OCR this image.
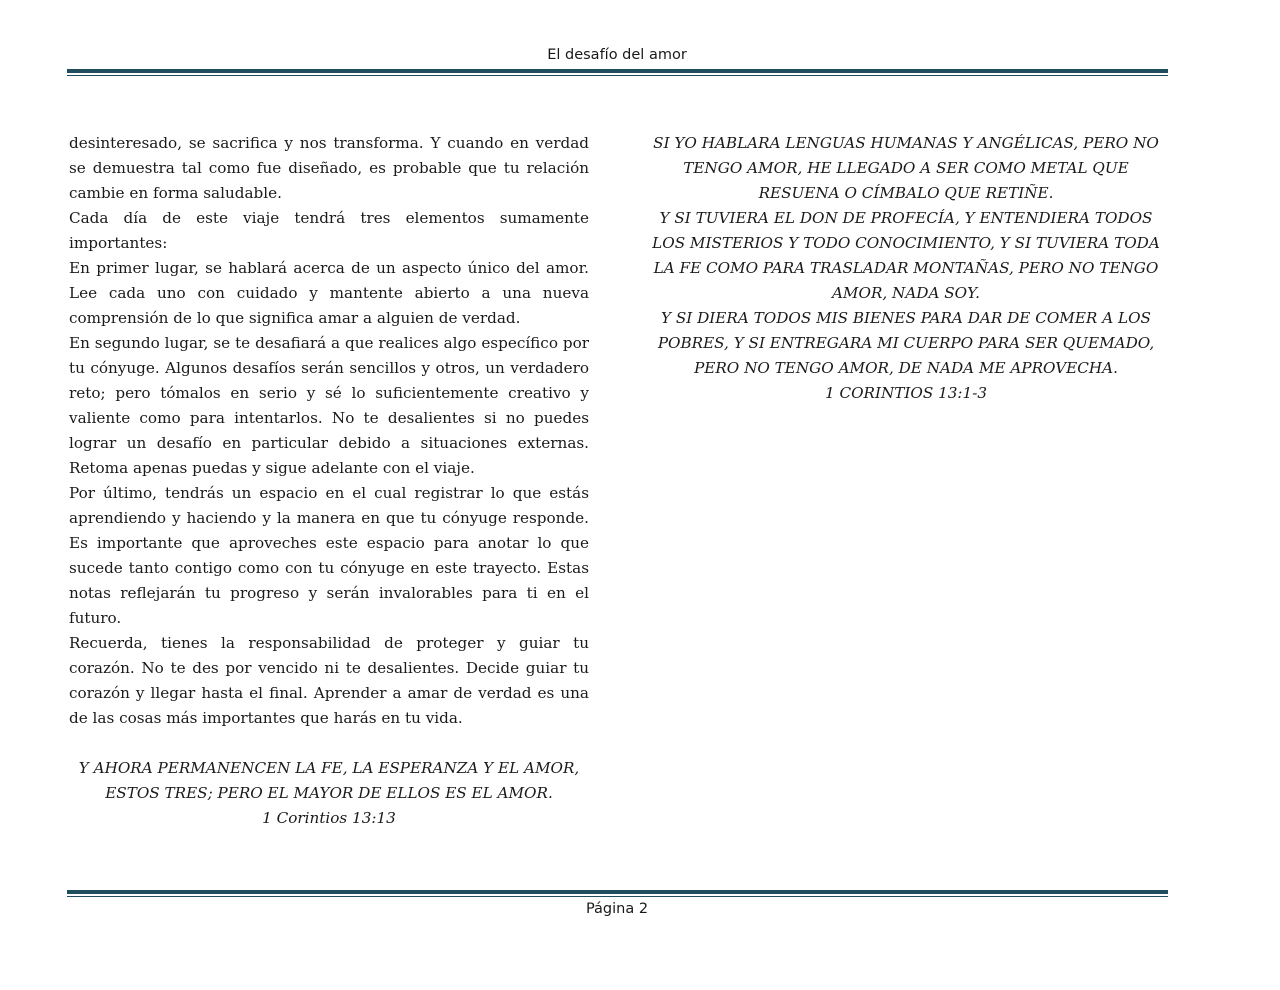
El desafío del amor

desinteresado, se sacrifica y nos transforma. Y cuando en verdad se demuestra tal como fue diseñado, es probable que tu relación cambie en forma saludable.

Cada día de este viaje tendrá tres elementos sumamente importantes:

En primer lugar, se hablará acerca de un aspecto único del amor. Lee cada uno con cuidado y mantente abierto a una nueva comprensión de lo que significa amar a alguien de verdad.

En segundo lugar, se te desafiará a que realices algo específico por tu cónyuge. Algunos desafíos serán sencillos y otros, un verdadero reto; pero tómalos en serio y sé lo suficientemente creativo y valiente como para intentarlos. No te desalientes si no puedes lograr un desafío en particular debido a situaciones externas. Retoma apenas puedas y sigue adelante con el viaje.

Por último, tendrás un espacio en el cual registrar lo que estás aprendiendo y haciendo y la manera en que tu cónyuge responde. Es importante que aproveches este espacio para anotar lo que sucede tanto contigo como con tu cónyuge en este trayecto. Estas notas reflejarán tu progreso y serán invalorables para ti en el futuro.

Recuerda, tienes la responsabilidad de proteger y guiar tu corazón. No te des por vencido ni te desalientes. Decide guiar tu corazón y llegar hasta el final. Aprender a amar de verdad es una de las cosas más importantes que harás en tu vida.

Y AHORA PERMANENCEN LA FE, LA ESPERANZA Y EL AMOR,
ESTOS TRES; PERO EL MAYOR DE ELLOS ES EL AMOR.
1 Corintios 13:13
SI YO HABLARA LENGUAS HUMANAS Y ANGÉLICAS, PERO NO
TENGO AMOR, HE LLEGADO A SER COMO METAL QUE
RESUENA O CÍMBALO QUE RETIÑE.
Y SI TUVIERA EL DON DE PROFECÍA, Y ENTENDIERA TODOS
LOS MISTERIOS Y TODO CONOCIMIENTO, Y SI TUVIERA TODA
LA FE COMO PARA TRASLADAR MONTAÑAS, PERO NO TENGO
AMOR, NADA SOY.
Y SI DIERA TODOS MIS BIENES PARA DAR DE COMER A LOS
POBRES, Y SI ENTREGARA MI CUERPO PARA SER QUEMADO,
PERO NO TENGO AMOR, DE NADA ME APROVECHA.
1 CORINTIOS 13:1-3
Página 2
